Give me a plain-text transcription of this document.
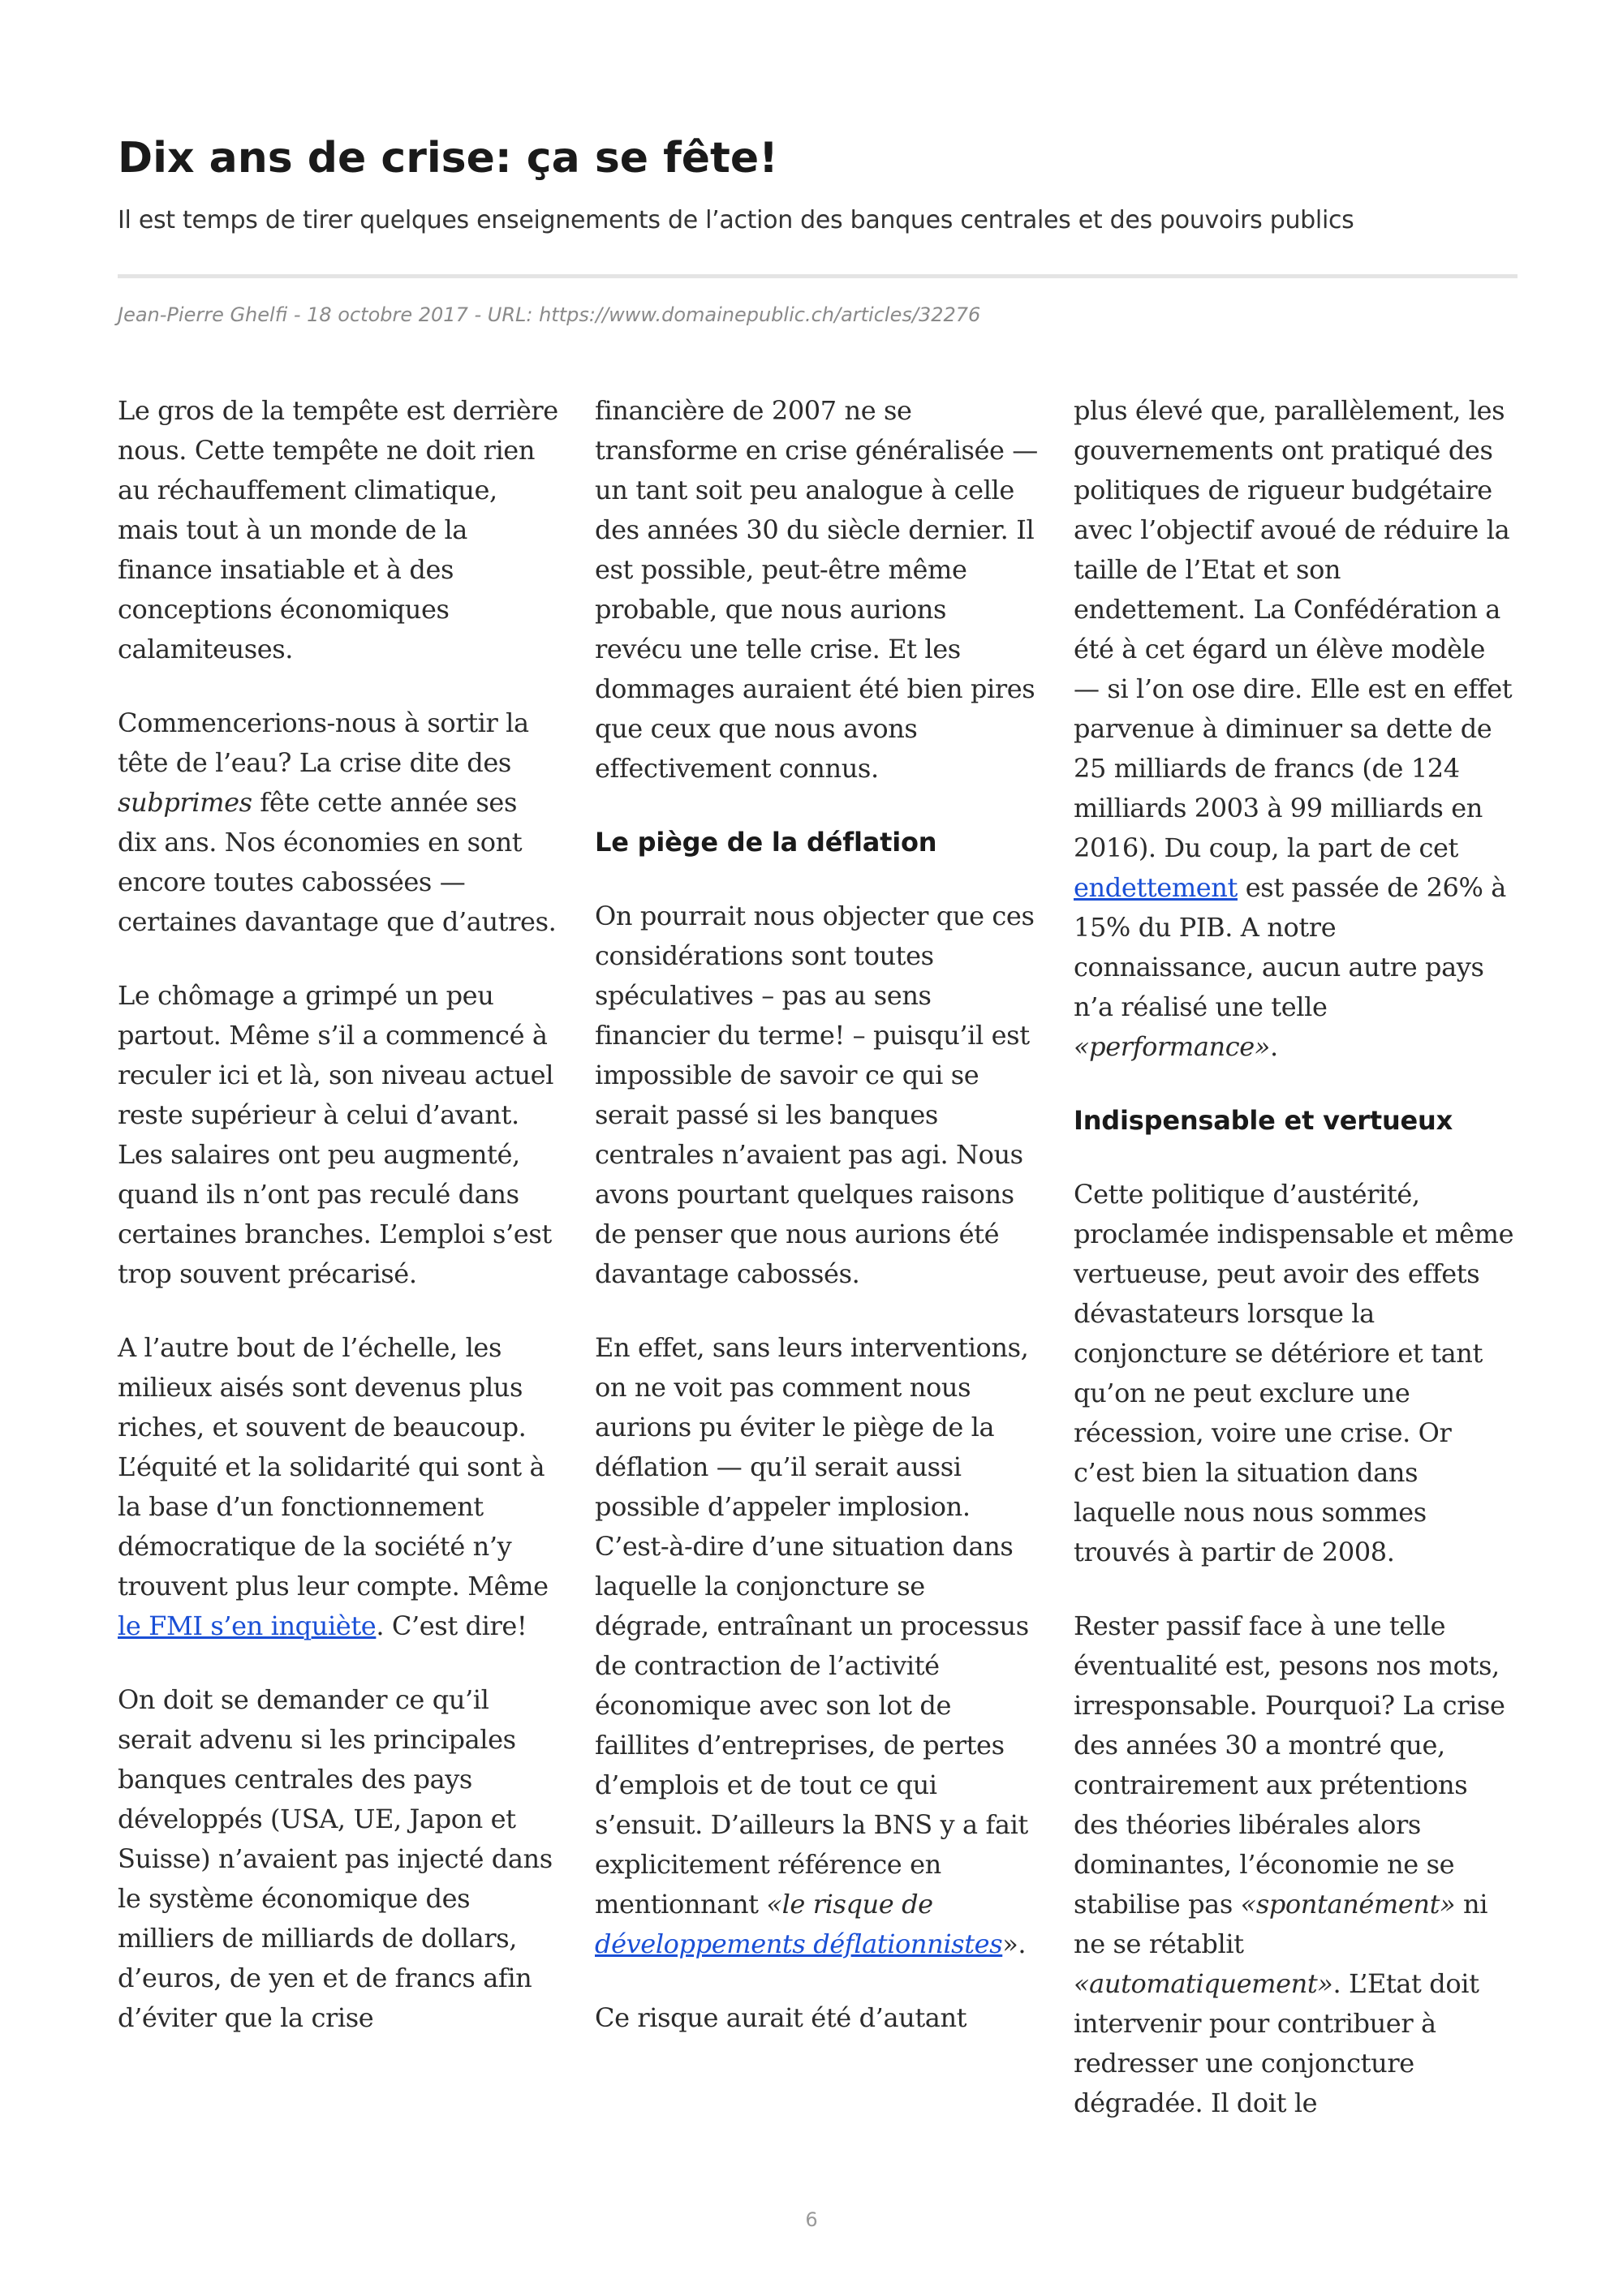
Dix ans de crise: ça se fête!

Il est temps de tirer quelques enseignements de l’action des banques centrales et des pouvoirs publics

Jean-Pierre Ghelfi - 18 octobre 2017 - URL: https://www.domainepublic.ch/articles/32276

Le gros de la tempête est derrière nous. Cette tempête ne doit rien au réchauffement climatique, mais tout à un monde de la finance insatiable et à des conceptions économiques calamiteuses.

Commencerions-nous à sortir la tête de l’eau? La crise dite des subprimes fête cette année ses dix ans. Nos économies en sont encore toutes cabossées — certaines davantage que d’autres.

Le chômage a grimpé un peu partout. Même s’il a commencé à reculer ici et là, son niveau actuel reste supérieur à celui d’avant. Les salaires ont peu augmenté, quand ils n’ont pas reculé dans certaines branches. L’emploi s’est trop souvent précarisé.

A l’autre bout de l’échelle, les milieux aisés sont devenus plus riches, et souvent de beaucoup. L’équité et la solidarité qui sont à la base d’un fonctionnement démocratique de la société n’y trouvent plus leur compte. Même le FMI s’en inquiète. C’est dire!

On doit se demander ce qu’il serait advenu si les principales banques centrales des pays développés (USA, UE, Japon et Suisse) n’avaient pas injecté dans le système économique des milliers de milliards de dollars, d’euros, de yen et de francs afin d’éviter que la crise

financière de 2007 ne se transforme en crise généralisée — un tant soit peu analogue à celle des années 30 du siècle dernier. Il est possible, peut-être même probable, que nous aurions revécu une telle crise. Et les dommages auraient été bien pires que ceux que nous avons effectivement connus.

Le piège de la déflation

On pourrait nous objecter que ces considérations sont toutes spéculatives – pas au sens financier du terme! – puisqu’il est impossible de savoir ce qui se serait passé si les banques centrales n’avaient pas agi. Nous avons pourtant quelques raisons de penser que nous aurions été davantage cabossés.

En effet, sans leurs interventions, on ne voit pas comment nous aurions pu éviter le piège de la déflation — qu’il serait aussi possible d’appeler implosion. C’est-à-dire d’une situation dans laquelle la conjoncture se dégrade, entraînant un processus de contraction de l’activité économique avec son lot de faillites d’entreprises, de pertes d’emplois et de tout ce qui s’ensuit. D’ailleurs la BNS y a fait explicitement référence en mentionnant «le risque de développements déflationnistes».

Ce risque aurait été d’autant

plus élevé que, parallèlement, les gouvernements ont pratiqué des politiques de rigueur budgétaire avec l’objectif avoué de réduire la taille de l’Etat et son endettement. La Confédération a été à cet égard un élève modèle — si l’on ose dire. Elle est en effet parvenue à diminuer sa dette de 25 milliards de francs (de 124 milliards 2003 à 99 milliards en 2016). Du coup, la part de cet endettement est passée de 26% à 15% du PIB. A notre connaissance, aucun autre pays n’a réalisé une telle «performance».

Indispensable et vertueux

Cette politique d’austérité, proclamée indispensable et même vertueuse, peut avoir des effets dévastateurs lorsque la conjoncture se détériore et tant qu’on ne peut exclure une récession, voire une crise. Or c’est bien la situation dans laquelle nous nous sommes trouvés à partir de 2008.

Rester passif face à une telle éventualité est, pesons nos mots, irresponsable. Pourquoi? La crise des années 30 a montré que, contrairement aux prétentions des théories libérales alors dominantes, l’économie ne se stabilise pas «spontanément» ni ne se rétablit «automatiquement». L’Etat doit intervenir pour contribuer à redresser une conjoncture dégradée. Il doit le

6
